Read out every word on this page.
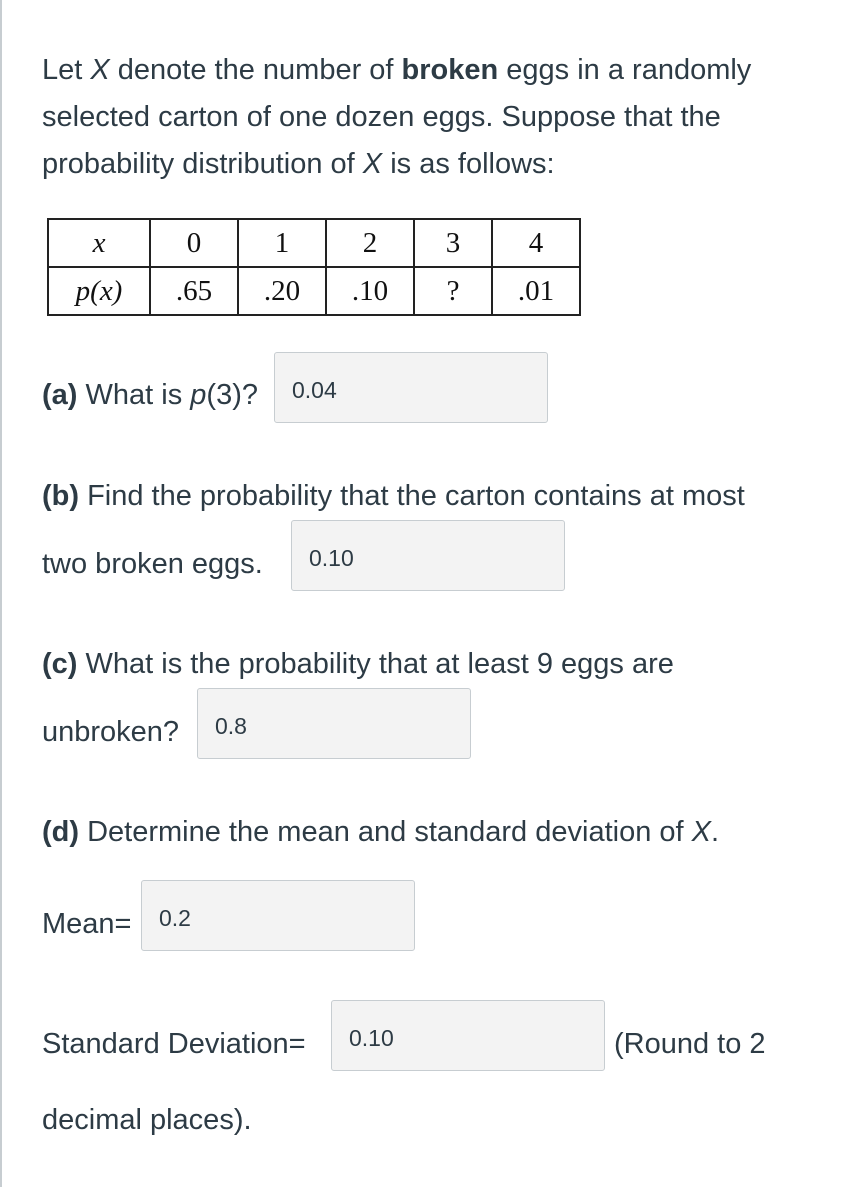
Let X denote the number of broken eggs in a randomly
selected carton of one dozen eggs. Suppose that the
probability distribution of X is as follows:
x	0	1	2	3	4
p(x)	.65	.20	.10	?	.01
(a) What is p(3)?	0.04
(b) Find the probability that the carton contains at most
two broken eggs.	0.10
(c) What is the probability that at least 9 eggs are
unbroken?	0.8
(d) Determine the mean and standard deviation of X.
Mean=	0.2
Standard Deviation=	0.10	(Round to 2
decimal places).
